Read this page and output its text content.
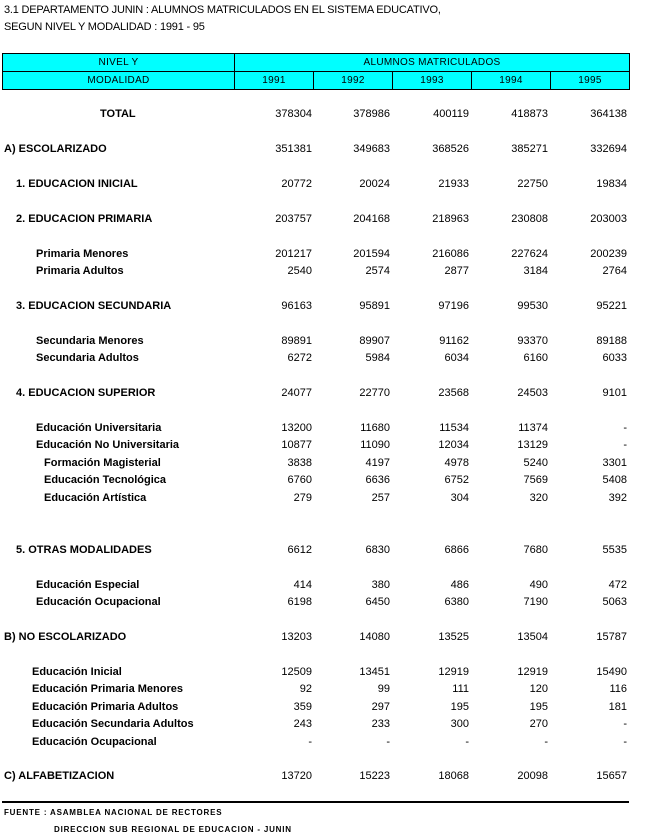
3.1 DEPARTAMENTO JUNIN : ALUMNOS MATRICULADOS EN EL SISTEMA EDUCATIVO,
SEGUN NIVEL Y MODALIDAD : 1991 - 95
NIVEL Y	ALUMNOS MATRICULADOS				
MODALIDAD	1991	1992	1993	1994	1995
TOTAL	378304	378986	400119	418873	364138
A) ESCOLARIZADO	351381	349683	368526	385271	332694
1. EDUCACION INICIAL	20772	20024	21933	22750	19834
2. EDUCACION PRIMARIA	203757	204168	218963	230808	203003
Primaria Menores	201217	201594	216086	227624	200239
Primaria Adultos	2540	2574	2877	3184	2764
3. EDUCACION SECUNDARIA	96163	95891	97196	99530	95221
Secundaria Menores	89891	89907	91162	93370	89188
Secundaria Adultos	6272	5984	6034	6160	6033
4. EDUCACION SUPERIOR	24077	22770	23568	24503	9101
Educación Universitaria	13200	11680	11534	11374	-
Educación No Universitaria	10877	11090	12034	13129	-
Formación Magisterial	3838	4197	4978	5240	3301
Educación Tecnológica	6760	6636	6752	7569	5408
Educación Artística	279	257	304	320	392
5. OTRAS MODALIDADES	6612	6830	6866	7680	5535
Educación Especial	414	380	486	490	472
Educación Ocupacional	6198	6450	6380	7190	5063
B) NO ESCOLARIZADO	13203	14080	13525	13504	15787
Educación Inicial	12509	13451	12919	12919	15490
Educación Primaria Menores	92	99	111	120	116
Educación Primaria Adultos	359	297	195	195	181
Educación Secundaria Adultos	243	233	300	270	-
Educación Ocupacional	-	-	-	-	-
C) ALFABETIZACION	13720	15223	18068	20098	15657
FUENTE : ASAMBLEA NACIONAL DE RECTORES
DIRECCION SUB REGIONAL DE EDUCACION - JUNIN
